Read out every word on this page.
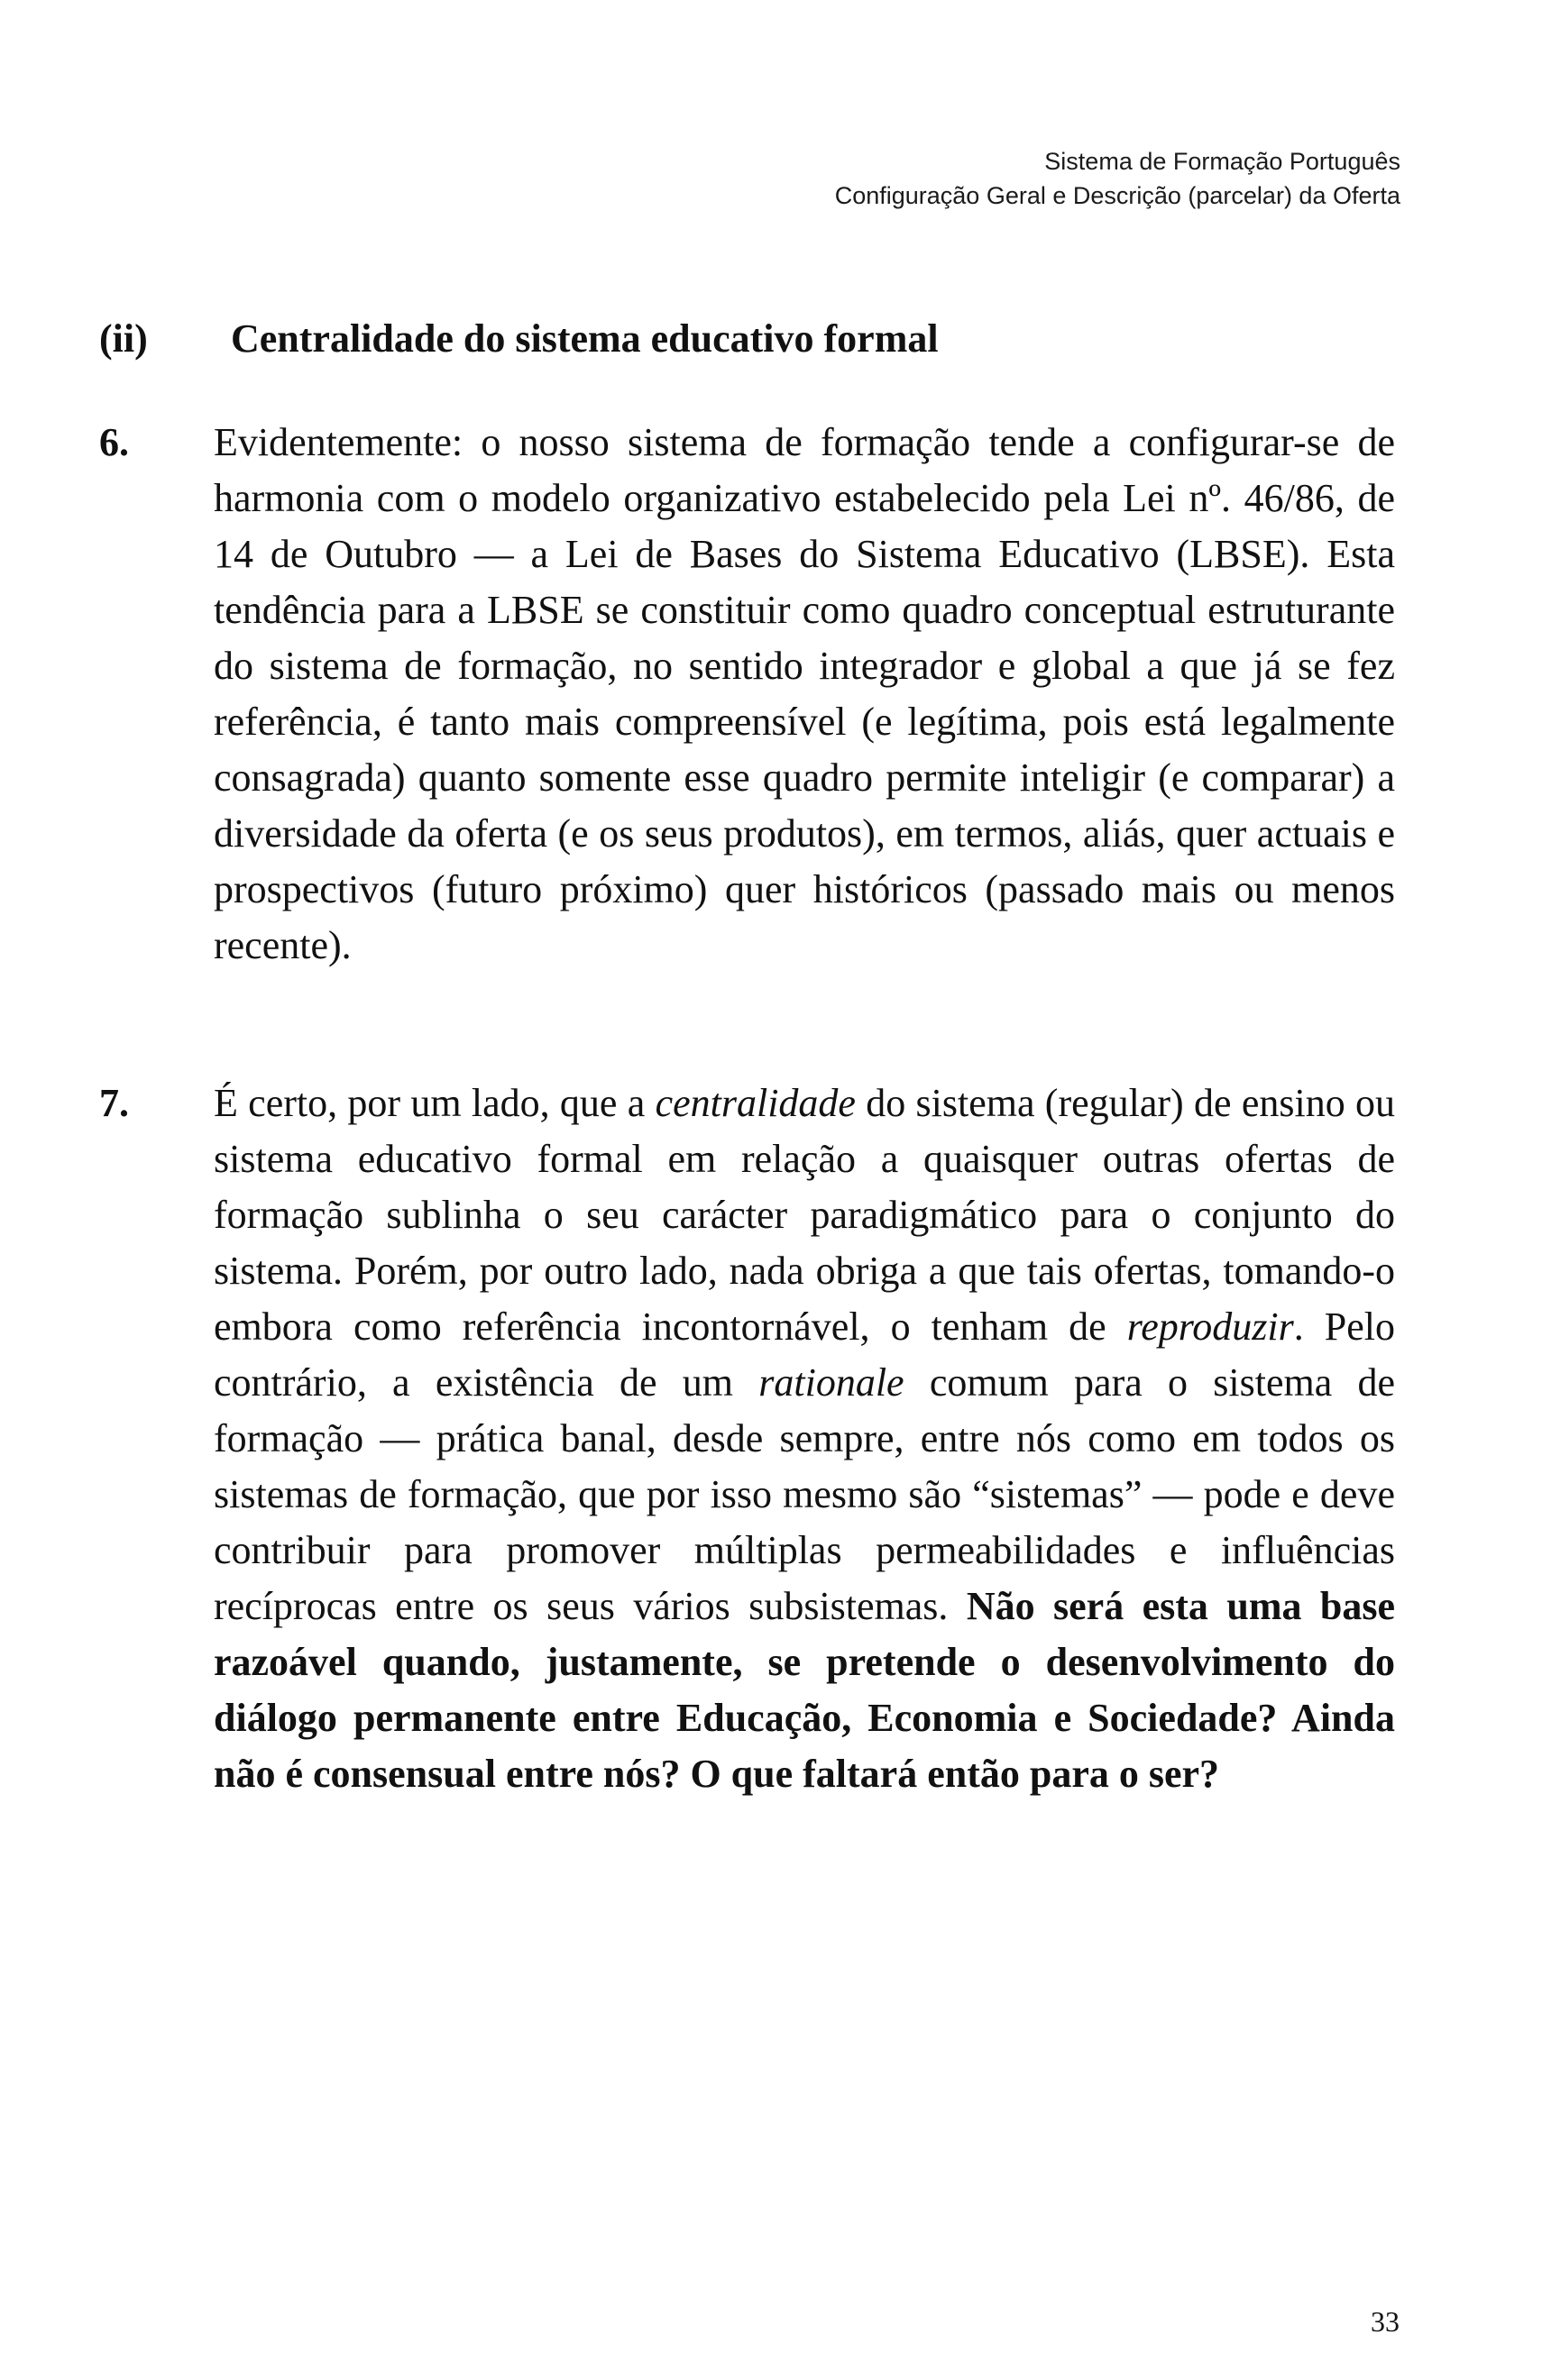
Sistema de Formação Português
Configuração Geral e Descrição (parcelar) da Oferta
(ii) Centralidade do sistema educativo formal
6. Evidentemente: o nosso sistema de formação tende a configurar-se de harmonia com o modelo organizativo estabelecido pela Lei nº. 46/86, de 14 de Outubro — a Lei de Bases do Sistema Educativo (LBSE). Esta tendência para a LBSE se constituir como quadro conceptual estruturante do sistema de formação, no sentido integrador e global a que já se fez referência, é tanto mais compreensível (e legítima, pois está legalmente consagrada) quanto somente esse quadro permite inteligir (e comparar) a diversidade da oferta (e os seus produtos), em termos, aliás, quer actuais e prospectivos (futuro próximo) quer históricos (passado mais ou menos recente).

7. É certo, por um lado, que a centralidade do sistema (regular) de ensino ou sistema educativo formal em relação a quaisquer outras ofertas de formação sublinha o seu carácter paradigmático para o conjunto do sistema. Porém, por outro lado, nada obriga a que tais ofertas, tomando-o embora como referência incontornável, o tenham de reproduzir. Pelo contrário, a existência de um rationale comum para o sistema de formação — prática banal, desde sempre, entre nós como em todos os sistemas de formação, que por isso mesmo são “sistemas” — pode e deve contribuir para promover múltiplas permeabilidades e influências recíprocas entre os seus vários subsistemas. Não será esta uma base razoável quando, justamente, se pretende o desenvolvimento do diálogo permanente entre Educação, Economia e Sociedade? Ainda não é consensual entre nós? O que faltará então para o ser?

33
